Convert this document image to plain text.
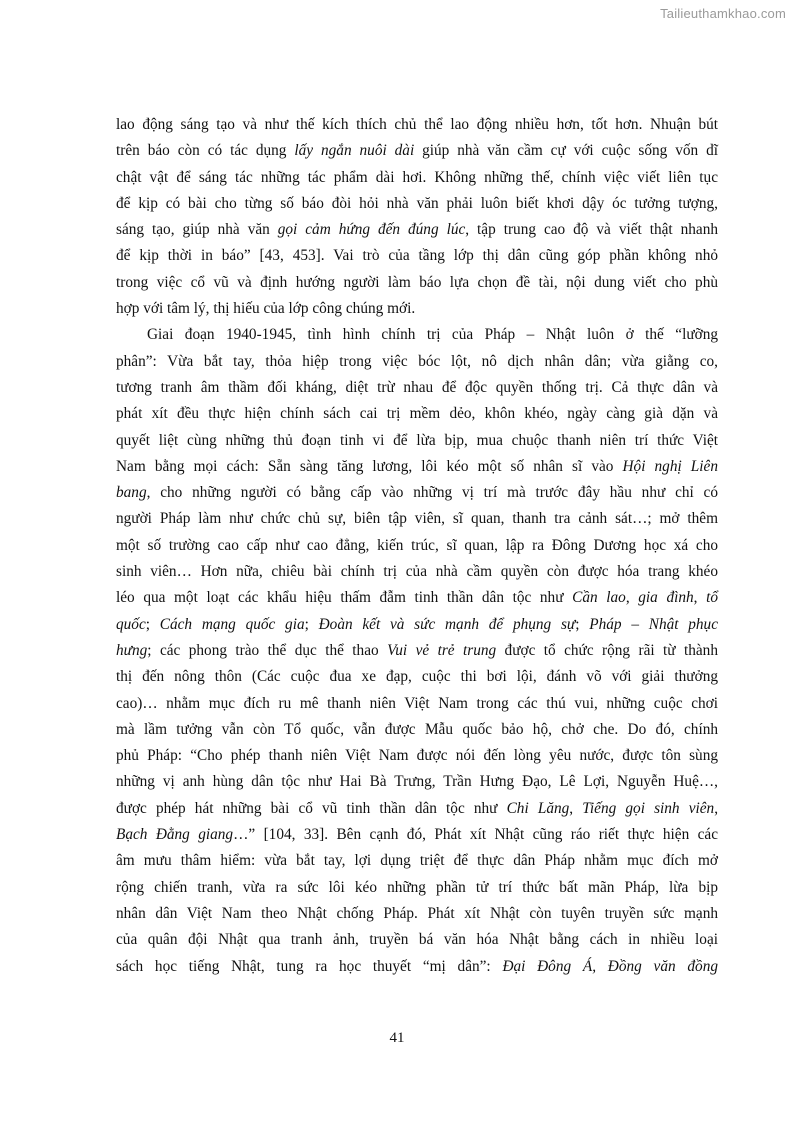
Tailieuthamkhao.com
lao động sáng tạo và như thế kích thích chủ thể lao động nhiều hơn, tốt hơn. Nhuận bút
trên báo còn có tác dụng lấy ngắn nuôi dài giúp nhà văn cầm cự với cuộc sống vốn dĩ
chật vật để sáng tác những tác phẩm dài hơi. Không những thế, chính việc viết liên tục
để kịp có bài cho từng số báo đòi hỏi nhà văn phải luôn biết khơi dậy óc tưởng tượng,
sáng tạo, giúp nhà văn gọi cảm hứng đến đúng lúc, tập trung cao độ và viết thật nhanh
để kịp thời in báo” [43, 453]. Vai trò của tầng lớp thị dân cũng góp phần không nhỏ
trong việc cổ vũ và định hướng người làm báo lựa chọn đề tài, nội dung viết cho phù
hợp với tâm lý, thị hiếu của lớp công chúng mới.
Giai đoạn 1940-1945, tình hình chính trị của Pháp – Nhật luôn ở thế “lưỡng
phân”: Vừa bắt tay, thỏa hiệp trong việc bóc lột, nô dịch nhân dân; vừa giằng co,
tương tranh âm thầm đối kháng, diệt trừ nhau để độc quyền thống trị. Cả thực dân và
phát xít đều thực hiện chính sách cai trị mềm dẻo, khôn khéo, ngày càng già dặn và
quyết liệt cùng những thủ đoạn tinh vi để lừa bịp, mua chuộc thanh niên trí thức Việt
Nam bằng mọi cách: Sẵn sàng tăng lương, lôi kéo một số nhân sĩ vào Hội nghị Liên
bang, cho những người có bằng cấp vào những vị trí mà trước đây hầu như chỉ có
người Pháp làm như chức chủ sự, biên tập viên, sĩ quan, thanh tra cảnh sát…; mở thêm
một số trường cao cấp như cao đẳng, kiến trúc, sĩ quan, lập ra Đông Dương học xá cho
sinh viên… Hơn nữa, chiêu bài chính trị của nhà cầm quyền còn được hóa trang khéo
léo qua một loạt các khẩu hiệu thấm đẫm tinh thần dân tộc như Cần lao, gia đình, tổ
quốc; Cách mạng quốc gia; Đoàn kết và sức mạnh để phụng sự; Pháp – Nhật phục
hưng; các phong trào thể dục thể thao Vui vẻ trẻ trung được tổ chức rộng rãi từ thành
thị đến nông thôn (Các cuộc đua xe đạp, cuộc thi bơi lội, đánh võ với giải thưởng
cao)… nhằm mục đích ru mê thanh niên Việt Nam trong các thú vui, những cuộc chơi
mà lầm tưởng vẫn còn Tổ quốc, vẫn được Mẫu quốc bảo hộ, chở che. Do đó, chính
phủ Pháp: “Cho phép thanh niên Việt Nam được nói đến lòng yêu nước, được tôn sùng
những vị anh hùng dân tộc như Hai Bà Trưng, Trần Hưng Đạo, Lê Lợi, Nguyễn Huệ…,
được phép hát những bài cổ vũ tinh thần dân tộc như Chi Lăng, Tiếng gọi sinh viên,
Bạch Đằng giang…” [104, 33]. Bên cạnh đó, Phát xít Nhật cũng ráo riết thực hiện các
âm mưu thâm hiểm: vừa bắt tay, lợi dụng triệt để thực dân Pháp nhằm mục đích mở
rộng chiến tranh, vừa ra sức lôi kéo những phần tử trí thức bất mãn Pháp, lừa bịp
nhân dân Việt Nam theo Nhật chống Pháp. Phát xít Nhật còn tuyên truyền sức mạnh
của quân đội Nhật qua tranh ảnh, truyền bá văn hóa Nhật bằng cách in nhiều loại
sách học tiếng Nhật, tung ra học thuyết “mị dân”: Đại Đông Á, Đồng văn đồng
41
